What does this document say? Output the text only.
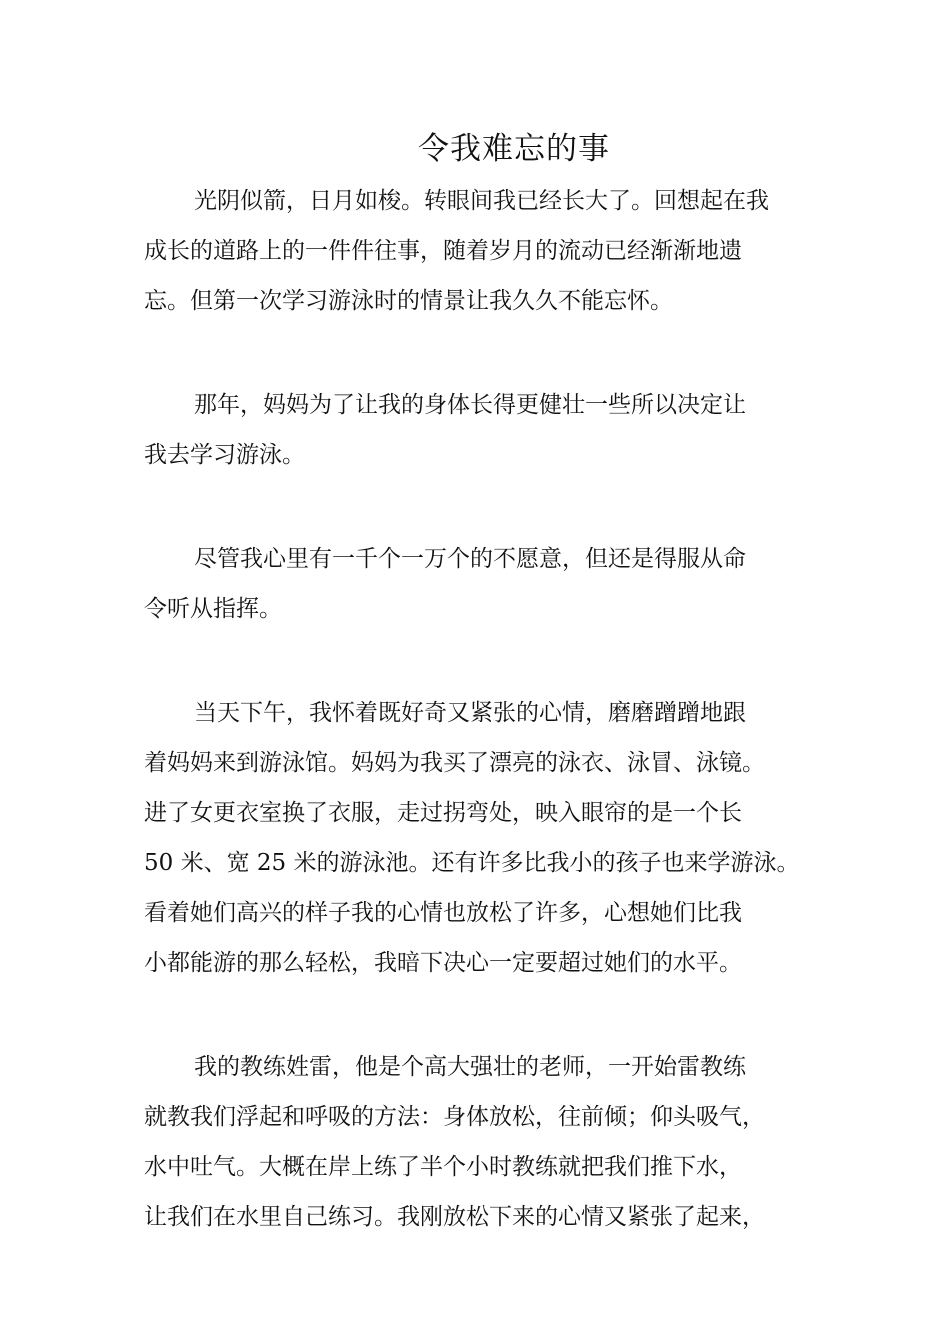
令我难忘的事

光阴似箭，日月如梭。转眼间我已经长大了。回想起在我
成长的道路上的一件件往事，随着岁月的流动已经渐渐地遗
忘。但第一次学习游泳时的情景让我久久不能忘怀。

那年，妈妈为了让我的身体长得更健壮一些所以决定让
我去学习游泳。

尽管我心里有一千个一万个的不愿意，但还是得服从命
令听从指挥。

当天下午，我怀着既好奇又紧张的心情，磨磨蹭蹭地跟
着妈妈来到游泳馆。妈妈为我买了漂亮的泳衣、泳冒、泳镜。
进了女更衣室换了衣服，走过拐弯处，映入眼帘的是一个长
50 米、宽 25 米的游泳池。还有许多比我小的孩子也来学游泳。
看着她们高兴的样子我的心情也放松了许多，心想她们比我
小都能游的那么轻松，我暗下决心一定要超过她们的水平。

我的教练姓雷，他是个高大强壮的老师，一开始雷教练
就教我们浮起和呼吸的方法：身体放松，往前倾；仰头吸气，
水中吐气。大概在岸上练了半个小时教练就把我们推下水，
让我们在水里自己练习。我刚放松下来的心情又紧张了起来，
